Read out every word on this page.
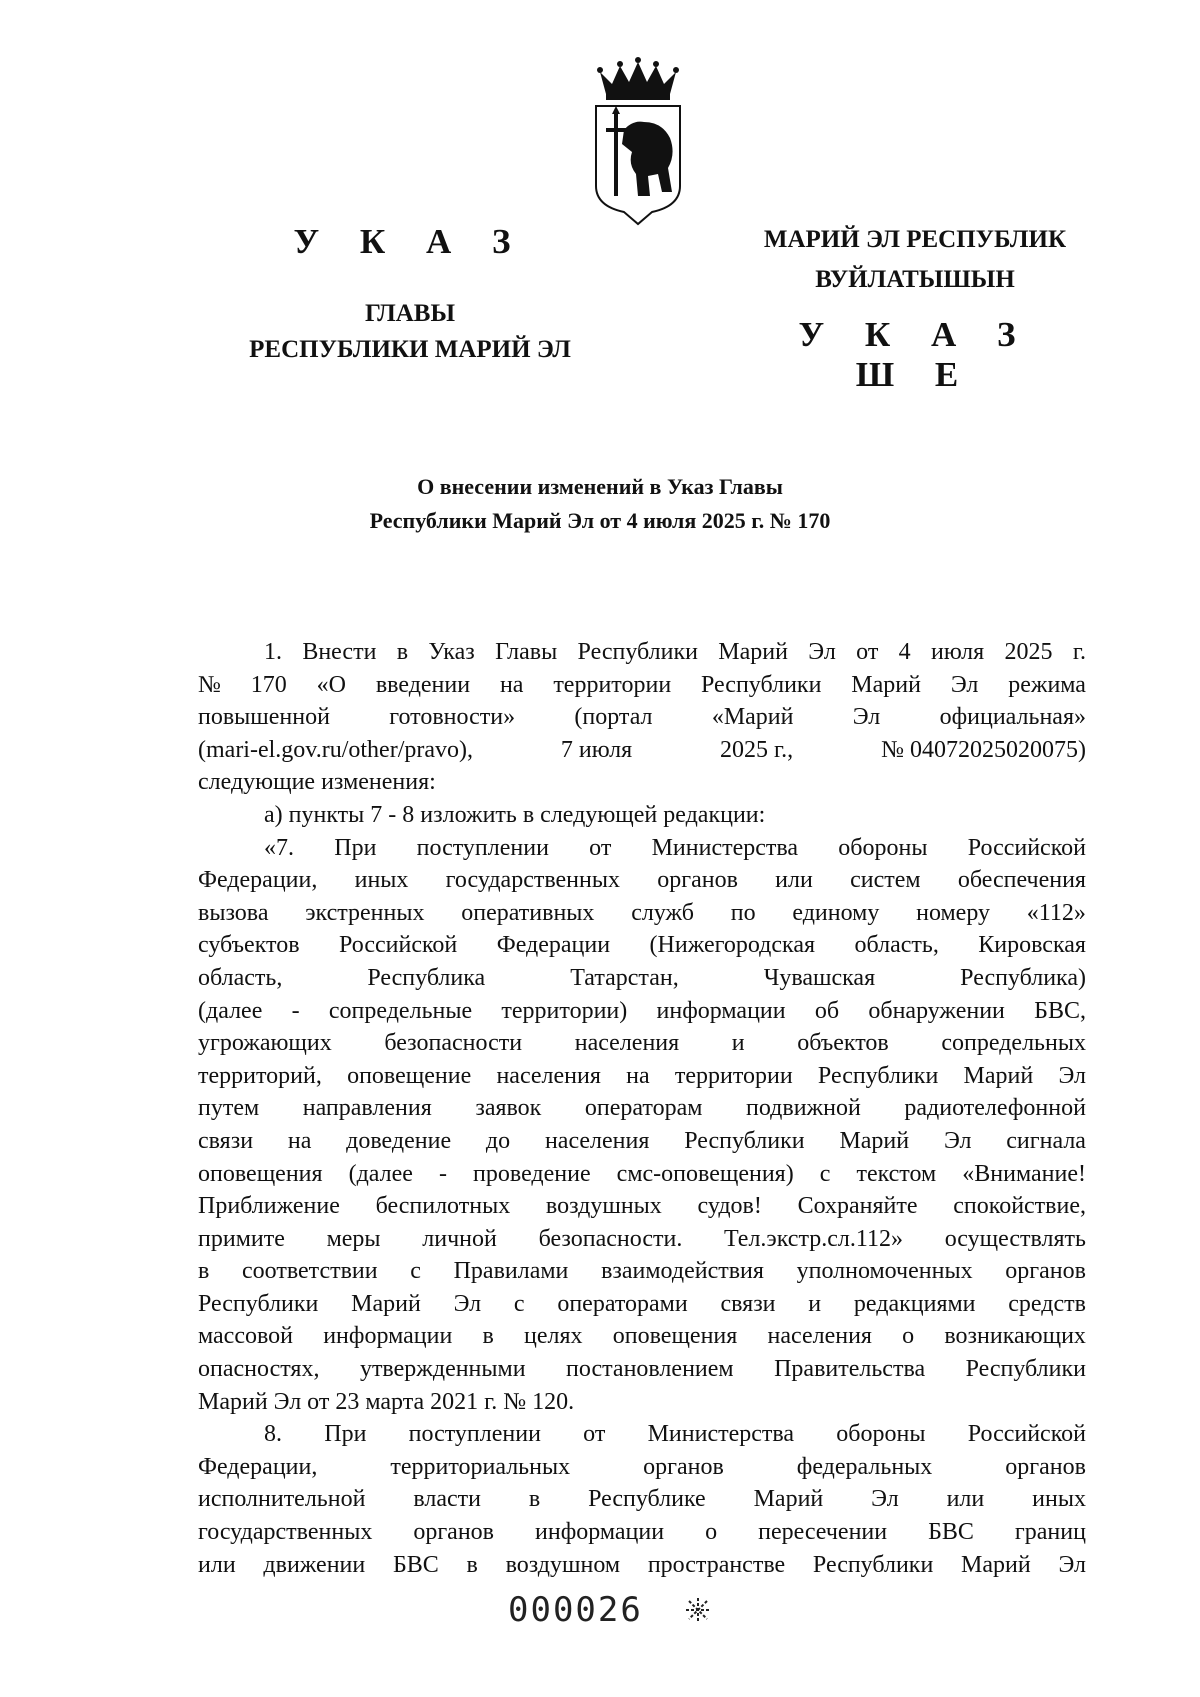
У К А З
ГЛАВЫ
РЕСПУБЛИКИ МАРИЙ ЭЛ
МАРИЙ ЭЛ РЕСПУБЛИК
ВУЙЛАТЫШЫН
У К А З Ш Е
О внесении изменений в Указ Главы
Республики Марий Эл от 4 июля 2025 г. № 170
1. Внести в Указ Главы Республики Марий Эл от 4 июля 2025 г.
№ 170 «О введении на территории Республики Марий Эл режима
повышенной готовности» (портал «Марий Эл официальная»
(mari-el.gov.ru/other/pravo),	7 июля	2025 г.,	№ 04072025020075)
следующие изменения:
а) пункты 7 - 8 изложить в следующей редакции:
«7. При поступлении от Министерства обороны Российской
Федерации, иных государственных органов или систем обеспечения
вызова экстренных оперативных служб по единому номеру «112»
субъектов Российской Федерации (Нижегородская область, Кировская
область,	Республика	Татарстан,	Чувашская	Республика)
(далее - сопредельные территории) информации об обнаружении БВС,
угрожающих безопасности населения и объектов сопредельных
территорий, оповещение населения на территории Республики Марий Эл
путем направления заявок операторам подвижной радиотелефонной
связи на доведение до населения Республики Марий Эл сигнала
оповещения (далее - проведение смс-оповещения) с текстом «Внимание!
Приближение беспилотных воздушных судов! Сохраняйте спокойствие,
примите меры личной безопасности. Тел.экстр.сл.112» осуществлять
в соответствии с Правилами взаимодействия уполномоченных органов
Республики Марий Эл с операторами связи и редакциями средств
массовой информации в целях оповещения населения о возникающих
опасностях, утвержденными постановлением Правительства Республики
Марий Эл от 23 марта 2021 г. № 120.
8. При поступлении от Министерства обороны Российской
Федерации,	территориальных	органов	федеральных	органов
исполнительной власти в Республике Марий Эл или иных
государственных органов информации о пересечении БВС границ
или движении БВС в воздушном пространстве Республики Марий Эл
000026
